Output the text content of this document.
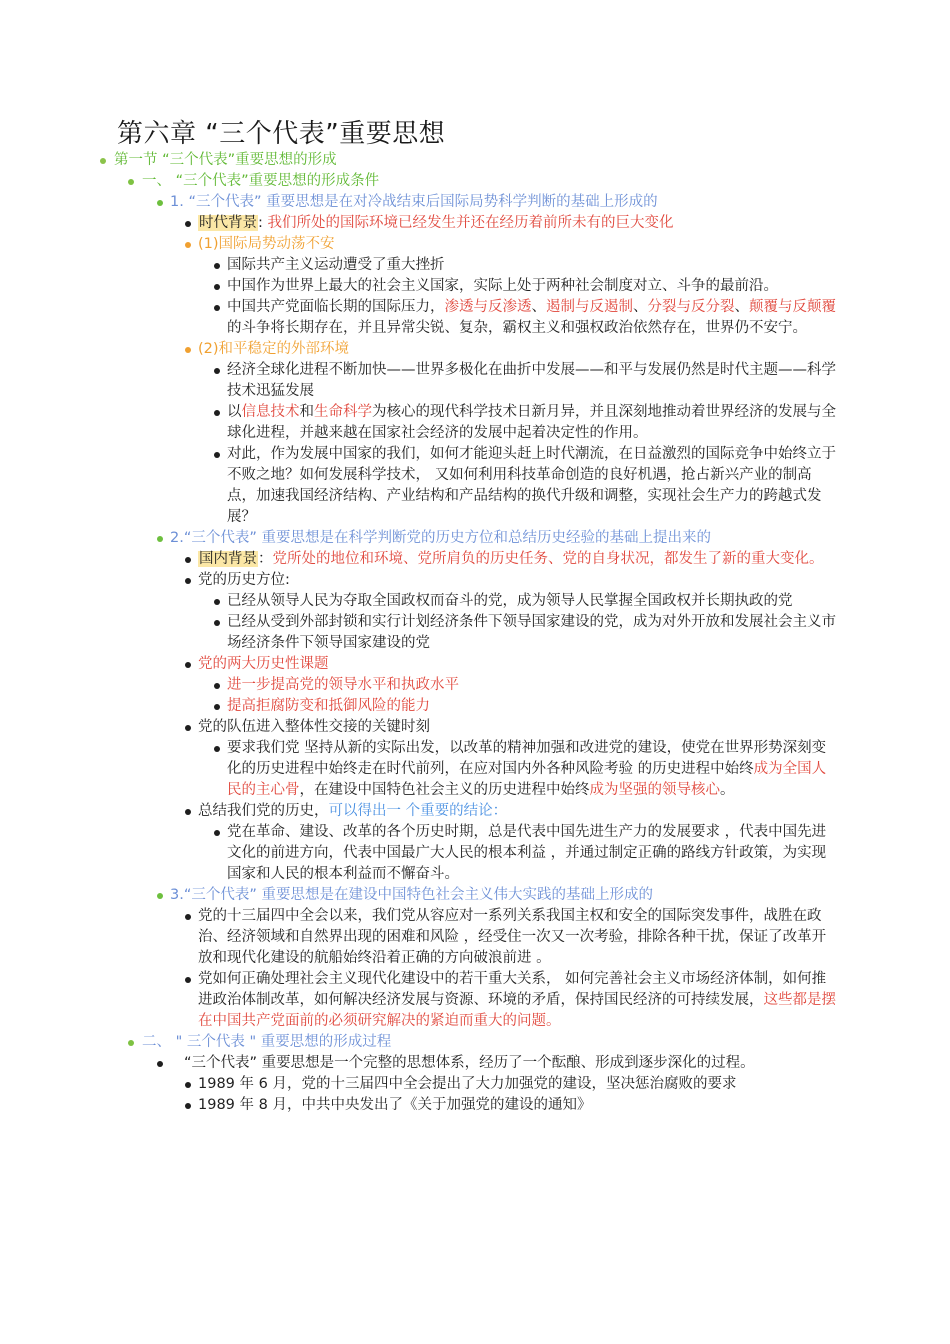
第六章 “三个代表”重要思想
第一节 “三个代表”重要思想的形成
一、 “三个代表”重要思想的形成条件
1. “三个代表” 重要思想是在对冷战结束后国际局势科学判断的基础上形成的
时代背景: 我们所处的国际环境已经发生并还在经历着前所未有的巨大变化
(1)国际局势动荡不安
国际共产主义运动遭受了重大挫折
中国作为世界上最大的社会主义国家，实际上处于两种社会制度对立、斗争的最前沿。
中国共产党面临长期的国际压力，渗透与反渗透、遏制与反遏制、分裂与反分裂、颠覆与反颠覆的斗争将长期存在，并且异常尖锐、复杂，霸权主义和强权政治依然存在，世界仍不安宁。
(2)和平稳定的外部环境
经济全球化进程不断加快——世界多极化在曲折中发展——和平与发展仍然是时代主题——科学技术迅猛发展
以信息技术和生命科学为核心的现代科学技术日新月异，并且深刻地推动着世界经济的发展与全球化进程，并越来越在国家社会经济的发展中起着决定性的作用。
对此，作为发展中国家的我们，如何才能迎头赶上时代潮流，在日益激烈的国际竞争中始终立于不败之地？如何发展科学技术， 又如何利用科技革命创造的良好机遇，抢占新兴产业的制高点，加速我国经济结构、产业结构和产品结构的换代升级和调整，实现社会生产力的跨越式发展？
2.“三个代表” 重要思想是在科学判断党的历史方位和总结历史经验的基础上提出来的
国内背景：党所处的地位和环境、党所肩负的历史任务、党的自身状况，都发生了新的重大变化。
党的历史方位:
已经从领导人民为夺取全国政权而奋斗的党，成为领导人民掌握全国政权并长期执政的党
已经从受到外部封锁和实行计划经济条件下领导国家建设的党，成为对外开放和发展社会主义市场经济条件下领导国家建设的党
党的两大历史性课题
进一步提高党的领导水平和执政水平
提高拒腐防变和抵御风险的能力
党的队伍进入整体性交接的关键时刻
要求我们党 坚持从新的实际出发，以改革的精神加强和改进党的建设，使党在世界形势深刻变化的历史进程中始终走在时代前列，在应对国内外各种风险考验 的历史进程中始终成为全国人民的主心骨，在建设中国特色社会主义的历史进程中始终成为坚强的领导核心。
总结我们党的历史，可以得出一 个重要的结论：
党在革命、建设、改革的各个历史时期，总是代表中国先进生产力的发展要求 ，代表中国先进文化的前进方向，代表中国最广大人民的根本利益 ，并通过制定正确的路线方针政策，为实现国家和人民的根本利益而不懈奋斗。
3.“三个代表” 重要思想是在建设中国特色社会主义伟大实践的基础上形成的
党的十三届四中全会以来，我们党从容应对一系列关系我国主权和安全的国际突发事件，战胜在政治、经济领域和自然界出现的困难和风险 ，经受住一次又一次考验，排除各种干扰，保证了改革开放和现代化建设的航船始终沿着正确的方向破浪前进 。
党如何正确处理社会主义现代化建设中的若干重大关系， 如何完善社会主义市场经济体制，如何推进政治体制改革，如何解决经济发展与资源、环境的矛盾，保持国民经济的可持续发展，这些都是摆在中国共产党面前的必须研究解决的紧迫而重大的问题。
二、 " 三个代表 " 重要思想的形成过程
“三个代表” 重要思想是一个完整的思想体系，经历了一个酝酿、形成到逐步深化的过程。
1989 年 6 月，党的十三届四中全会提出了大力加强党的建设，坚决惩治腐败的要求
1989 年 8 月，中共中央发出了《关于加强党的建设的通知》
